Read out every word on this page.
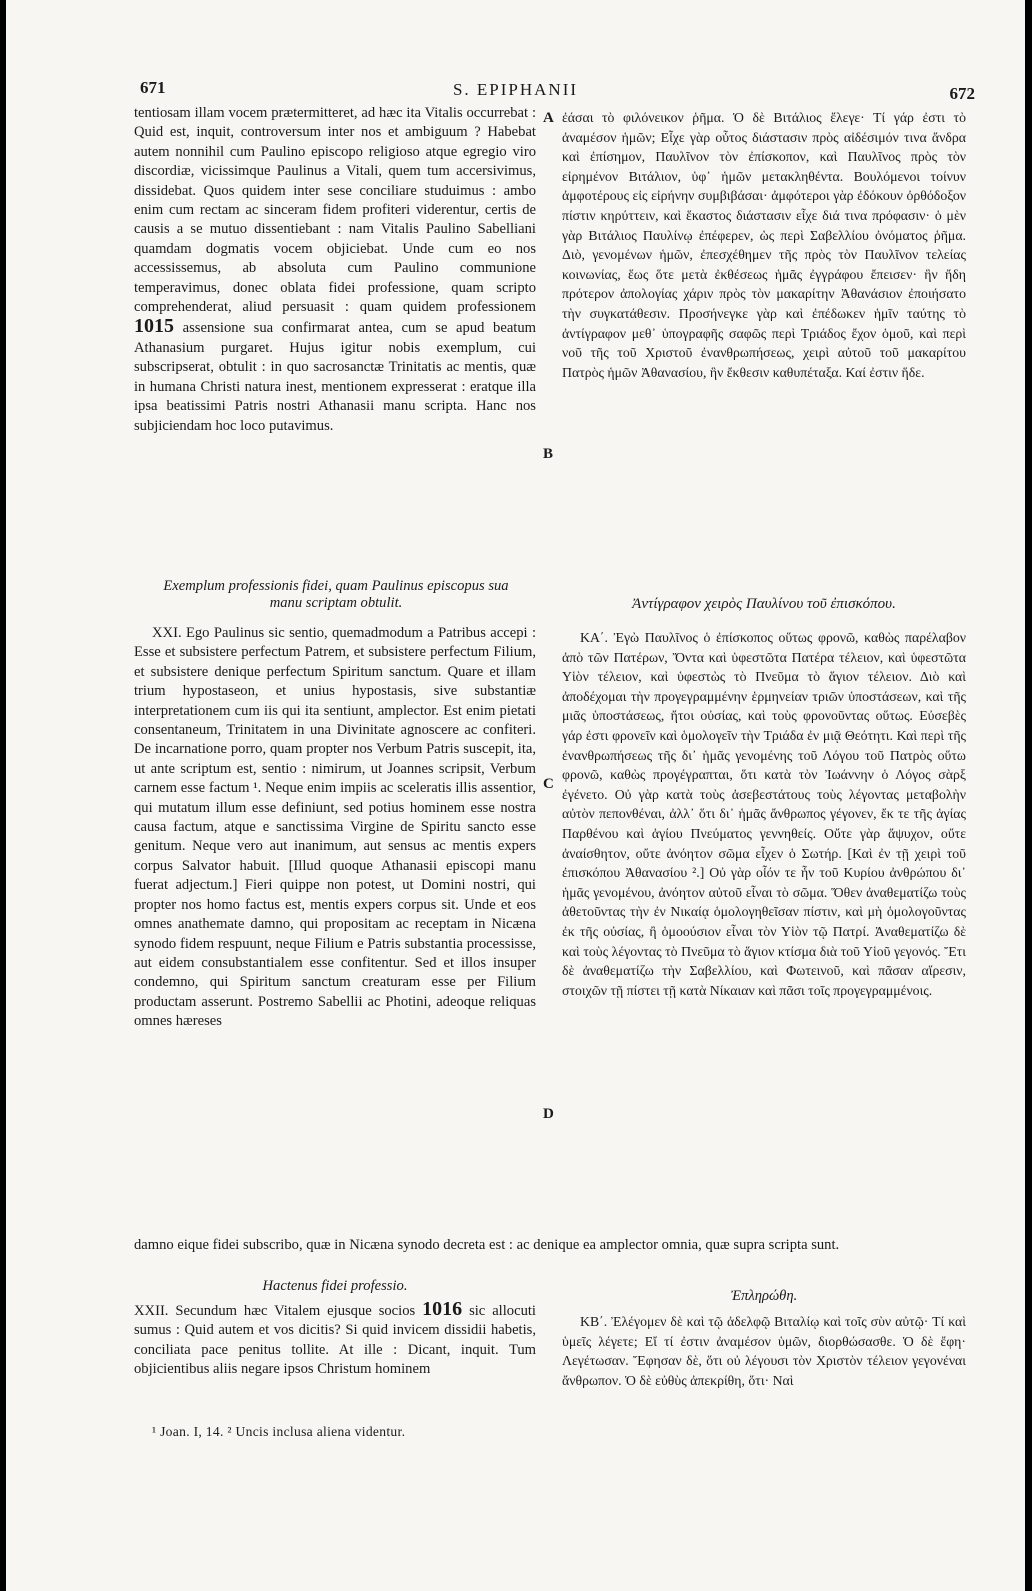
671	S. EPIPHANII	672

tentiosam illam vocem prætermitteret, ad hæc ita Vitalis occurrebat : Quid est, inquit, controversum inter nos et ambiguum ? Habebat autem nonnihil cum Paulino episcopo religioso atque egregio viro discordiæ, vicissimque Paulinus a Vitali, quem tum accersivimus, dissidebat. Quos quidem inter sese conciliare studuimus : ambo enim cum rectam ac sinceram fidem profiteri viderentur, certis de causis a se mutuo dissentiebant : nam Vitalis Paulino Sabelliani quamdam dogmatis vocem objiciebat. Unde cum eo nos accessissemus, ab absoluta cum Paulino communione temperavimus, donec oblata fidei professione, quam scripto comprehenderat, aliud persuasit : quam quidem professionem 1015 assensione sua confirmarat antea, cum se apud beatum Athanasium purgaret. Hujus igitur nobis exemplum, cui subscripserat, obtulit : in quo sacrosanctæ Trinitatis ac mentis, quæ in humana Christi natura inest, mentionem expresserat : eratque illa ipsa beatissimi Patris nostri Athanasii manu scripta. Hanc nos subjiciendam hoc loco putavimus.

Exemplum professionis fidei, quam Paulinus episcopus sua manu scriptam obtulit.

XXI. Ego Paulinus sic sentio, quemadmodum a Patribus accepi : Esse et subsistere perfectum Patrem, et subsistere perfectum Filium, et subsistere denique perfectum Spiritum sanctum. Quare et illam trium hypostaseon, et unius hypostasis, sive substantiæ interpretationem cum iis qui ita sentiunt, amplector. Est enim pietati consentaneum, Trinitatem in una Divinitate agnoscere ac confiteri. De incarnatione porro, quam propter nos Verbum Patris suscepit, ita, ut ante scriptum est, sentio : nimirum, ut Joannes scripsit, Verbum carnem esse factum ¹. Neque enim impiis ac sceleratis illis assentior, qui mutatum illum esse definiunt, sed potius hominem esse nostra causa factum, atque e sanctissima Virgine de Spiritu sancto esse genitum. Neque vero aut inanimum, aut sensus ac mentis expers corpus Salvator habuit. [Illud quoque Athanasii episcopi manu fuerat adjectum.] Fieri quippe non potest, ut Domini nostri, qui propter nos homo factus est, mentis expers corpus sit. Unde et eos omnes anathemate damno, qui propositam ac receptam in Nicæna synodo fidem respuunt, neque Filium e Patris substantia processisse, aut eidem consubstantialem esse confitentur. Sed et illos insuper condemno, qui Spiritum sanctum creaturam esse per Filium productam asserunt. Postremo Sabellii ac Photini, adeoque reliquas omnes hæreses

damno eique fidei subscribo, quæ in Nicæna synodo decreta est : ac denique ea amplector omnia, quæ supra scripta sunt.
Hactenus fidei professio.

XXII. Secundum hæc Vitalem ejusque socios 1016 sic allocuti sumus : Quid autem et vos dicitis? Si quid invicem dissidii habetis, conciliata pace penitus tollite. At ille : Dicant, inquit. Tum objicientibus aliis negare ipsos Christum hominem

¹ Joan. I, 14. ² Uncis inclusa aliena videntur.
A
B
C
D

ἐάσαι τὸ φιλόνεικον ῥῆμα. Ὁ δὲ Βιτάλιος ἔλεγε· Τί γάρ ἐστι τὸ ἀναμέσον ἡμῶν; Εἶχε γὰρ οὗτος διάστασιν πρὸς αἰδέσιμόν τινα ἄνδρα καὶ ἐπίσημον, Παυλῖνον τὸν ἐπίσκοπον, καὶ Παυλῖνος πρὸς τὸν εἰρημένον Βιτάλιον, ὑφ᾽ ἡμῶν μετακληθέντα. Βουλόμενοι τοίνυν ἀμφοτέρους εἰς εἰρήνην συμβιβάσαι· ἀμφότεροι γὰρ ἐδόκουν ὀρθόδοξον πίστιν κηρύττειν, καὶ ἕκαστος διάστασιν εἶχε διά τινα πρόφασιν· ὁ μὲν γὰρ Βιτάλιος Παυλίνῳ ἐπέφερεν, ὡς περὶ Σαβελλίου ὀνόματος ῥῆμα. Διὸ, γενομένων ἡμῶν, ἐπεσχέθημεν τῆς πρὸς τὸν Παυλῖνον τελείας κοινωνίας, ἕως ὅτε μετὰ ἐκθέσεως ἡμᾶς ἐγγράφου ἔπεισεν· ἣν ἤδη πρότερον ἀπολογίας χάριν πρὸς τὸν μακαρίτην Ἀθανάσιον ἐποιήσατο τὴν συγκατάθεσιν. Προσήνεγκε γὰρ καὶ ἐπέδωκεν ἡμῖν ταύτης τὸ ἀντίγραφον μεθ᾽ ὑπογραφῆς σαφῶς περὶ Τριάδος ἔχον ὁμοῦ, καὶ περὶ νοῦ τῆς τοῦ Χριστοῦ ἐνανθρωπήσεως, χειρὶ αὐτοῦ τοῦ μακαρίτου Πατρὸς ἡμῶν Ἀθανασίου, ἣν ἔκθεσιν καθυπέταξα. Καί ἐστιν ἥδε.

Ἀντίγραφον χειρὸς Παυλίνου τοῦ ἐπισκόπου.

ΚΑ΄. Ἐγὼ Παυλῖνος ὁ ἐπίσκοπος οὕτως φρονῶ, καθὼς παρέλαβον ἀπὸ τῶν Πατέρων, Ὄντα καὶ ὑφεστῶτα Πατέρα τέλειον, καὶ ὑφεστῶτα Υἱὸν τέλειον, καὶ ὑφεστὼς τὸ Πνεῦμα τὸ ἅγιον τέλειον. Διὸ καὶ ἀποδέχομαι τὴν προγεγραμμένην ἑρμηνείαν τριῶν ὑποστάσεων, καὶ τῆς μιᾶς ὑποστάσεως, ἤτοι οὐσίας, καὶ τοὺς φρονοῦντας οὕτως. Εὐσεβὲς γάρ ἐστι φρονεῖν καὶ ὁμολογεῖν τὴν Τριάδα ἐν μιᾷ Θεότητι. Καὶ περὶ τῆς ἐνανθρωπήσεως τῆς δι᾽ ἡμᾶς γενομένης τοῦ Λόγου τοῦ Πατρὸς οὕτω φρονῶ, καθὼς προγέγραπται, ὅτι κατὰ τὸν Ἰωάννην ὁ Λόγος σὰρξ ἐγένετο. Οὐ γὰρ κατὰ τοὺς ἀσεβεστάτους τοὺς λέγοντας μεταβολὴν αὐτὸν πεπονθέναι, ἀλλ᾽ ὅτι δι᾽ ἡμᾶς ἄνθρωπος γέγονεν, ἔκ τε τῆς ἁγίας Παρθένου καὶ ἁγίου Πνεύματος γεννηθείς. Οὔτε γὰρ ἄψυχον, οὔτε ἀναίσθητον, οὔτε ἀνόητον σῶμα εἶχεν ὁ Σωτήρ. [Καὶ ἐν τῇ χειρὶ τοῦ ἐπισκόπου Ἀθανασίου ².] Οὐ γὰρ οἷόν τε ἦν τοῦ Κυρίου ἀνθρώπου δι᾽ ἡμᾶς γενομένου, ἀνόητον αὐτοῦ εἶναι τὸ σῶμα. Ὅθεν ἀναθεματίζω τοὺς ἀθετοῦντας τὴν ἐν Νικαίᾳ ὁμολογηθεῖσαν πίστιν, καὶ μὴ ὁμολογοῦντας ἐκ τῆς οὐσίας, ἢ ὁμοούσιον εἶναι τὸν Υἱὸν τῷ Πατρί. Ἀναθεματίζω δὲ καὶ τοὺς λέγοντας τὸ Πνεῦμα τὸ ἅγιον κτίσμα διὰ τοῦ Υἱοῦ γεγονός. Ἔτι δὲ ἀναθεματίζω τὴν Σαβελλίου, καὶ Φωτεινοῦ, καὶ πᾶσαν αἵρεσιν, στοιχῶν τῇ πίστει τῇ κατὰ Νίκαιαν καὶ πᾶσι τοῖς προγεγραμμένοις.

Ἐπληρώθη.

ΚΒ΄. Ἐλέγομεν δὲ καὶ τῷ ἀδελφῷ Βιταλίῳ καὶ τοῖς σὺν αὐτῷ· Τί καὶ ὑμεῖς λέγετε; Εἴ τί ἐστιν ἀναμέσον ὑμῶν, διορθώσασθε. Ὁ δὲ ἔφη· Λεγέτωσαν. Ἔφησαν δὲ, ὅτι οὐ λέγουσι τὸν Χριστὸν τέλειον γεγονέναι ἄνθρωπον. Ὁ δὲ εὐθὺς ἀπεκρίθη, ὅτι· Ναὶ
